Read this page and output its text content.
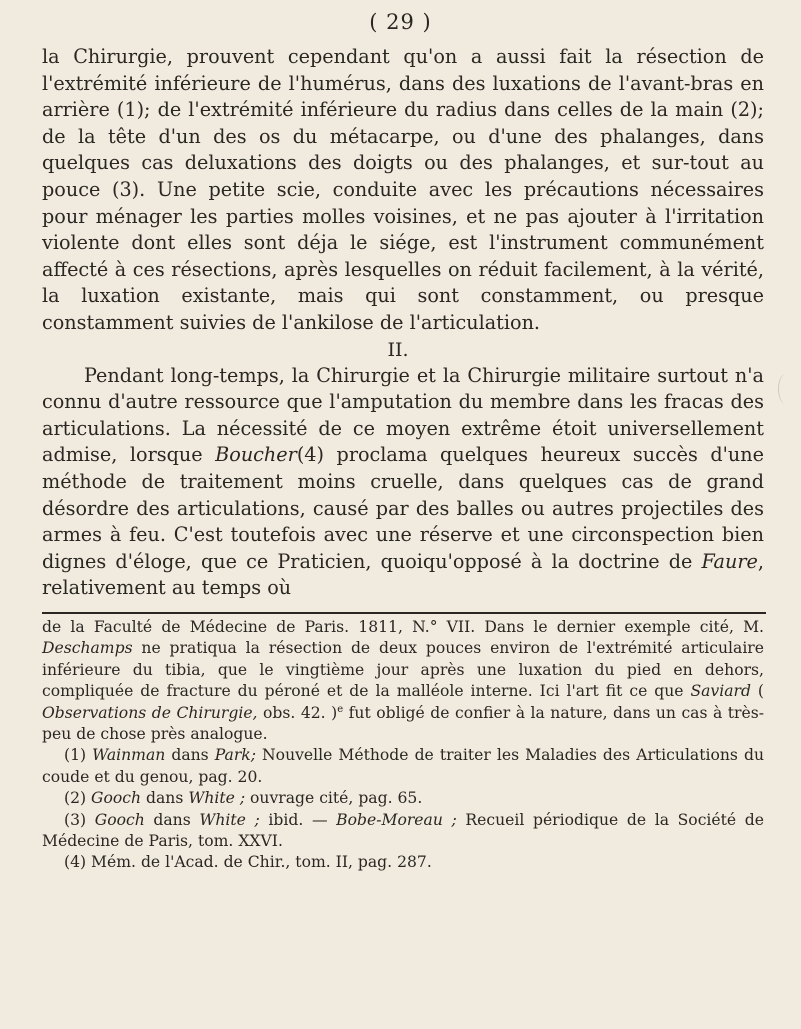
( 29 )

la Chirurgie, prouvent cependant qu'on a aussi fait la résection de l'extrémité inférieure de l'humérus, dans des luxations de l'avant-bras en arrière (1); de l'extrémité inférieure du radius dans celles de la main (2); de la tête d'un des os du métacarpe, ou d'une des phalanges, dans quelques cas deluxations des doigts ou des phalanges, et sur-tout au pouce (3). Une petite scie, conduite avec les précautions nécessaires pour ménager les parties molles voisines, et ne pas ajouter à l'irritation violente dont elles sont déja le siége, est l'instrument communément affecté à ces résections, après lesquelles on réduit facilement, à la vérité, la luxation existante, mais qui sont constamment, ou presque constamment suivies de l'ankilose de l'articulation.

II.

Pendant long-temps, la Chirurgie et la Chirurgie militaire surtout n'a connu d'autre ressource que l'amputation du membre dans les fracas des articulations. La nécessité de ce moyen extrême étoit universellement admise, lorsque Boucher(4) proclama quelques heureux succès d'une méthode de traitement moins cruelle, dans quelques cas de grand désordre des articulations, causé par des balles ou autres projectiles des armes à feu. C'est toutefois avec une réserve et une circonspection bien dignes d'éloge, que ce Praticien, quoiqu'opposé à la doctrine de Faure, relativement au temps où

de la Faculté de Médecine de Paris. 1811, N.° VII. Dans le dernier exemple cité, M. Deschamps ne pratiqua la résection de deux pouces environ de l'extrémité articulaire inférieure du tibia, que le vingtième jour après une luxation du pied en dehors, compliquée de fracture du péroné et de la malléole interne. Ici l'art fit ce que Saviard ( Observations de Chirurgie, obs. 42. )$^e$ fut obligé de confier à la nature, dans un cas à très-peu de chose près analogue.

(1) Wainman dans Park; Nouvelle Méthode de traiter les Maladies des Articulations du coude et du genou, pag. 20.

(2) Gooch dans White ; ouvrage cité, pag. 65.

(3) Gooch dans White ; ibid. — Bobe-Moreau ; Recueil périodique de la Société de Médecine de Paris, tom. XXVI.

(4) Mém. de l'Acad. de Chir., tom. II, pag. 287.
